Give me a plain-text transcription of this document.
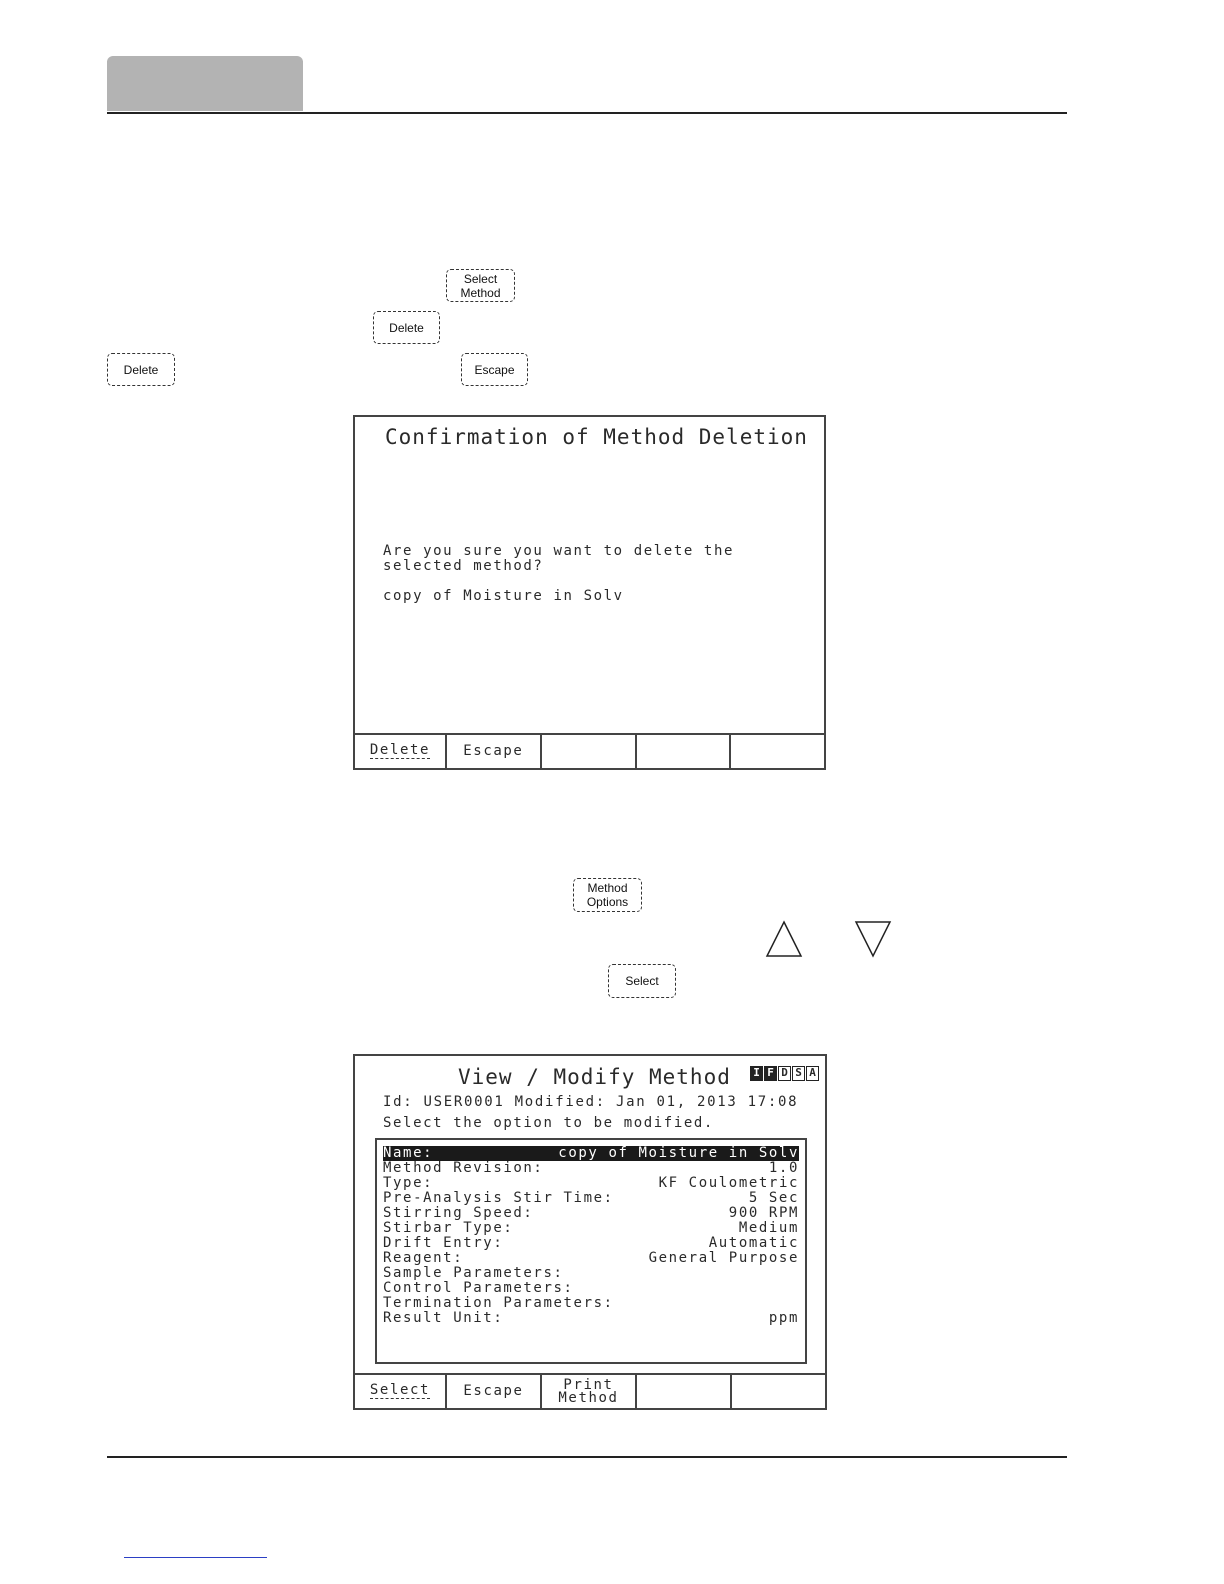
Select
Method
Delete
Delete	Escape
Confirmation of Method Deletion
Are you sure you want to delete the
selected method?
copy of Moisture in Solv
Delete Escape
Method
Options
Select
View / Modify Method I F D S A
Id: USER0001 Modified: Jan 01, 2013 17:08
Select the option to be modified.
Name:	copy of Moisture in Solv
Method Revision:	1.0
Type:	KF Coulometric
Pre-Analysis Stir Time:	5 Sec
Stirring Speed:	900 RPM
Stirbar Type:	Medium
Drift Entry:	Automatic
Reagent:	General Purpose
Sample Parameters:
Control Parameters:
Termination Parameters:
Result Unit:	ppm
Select Escape	Print
Method
